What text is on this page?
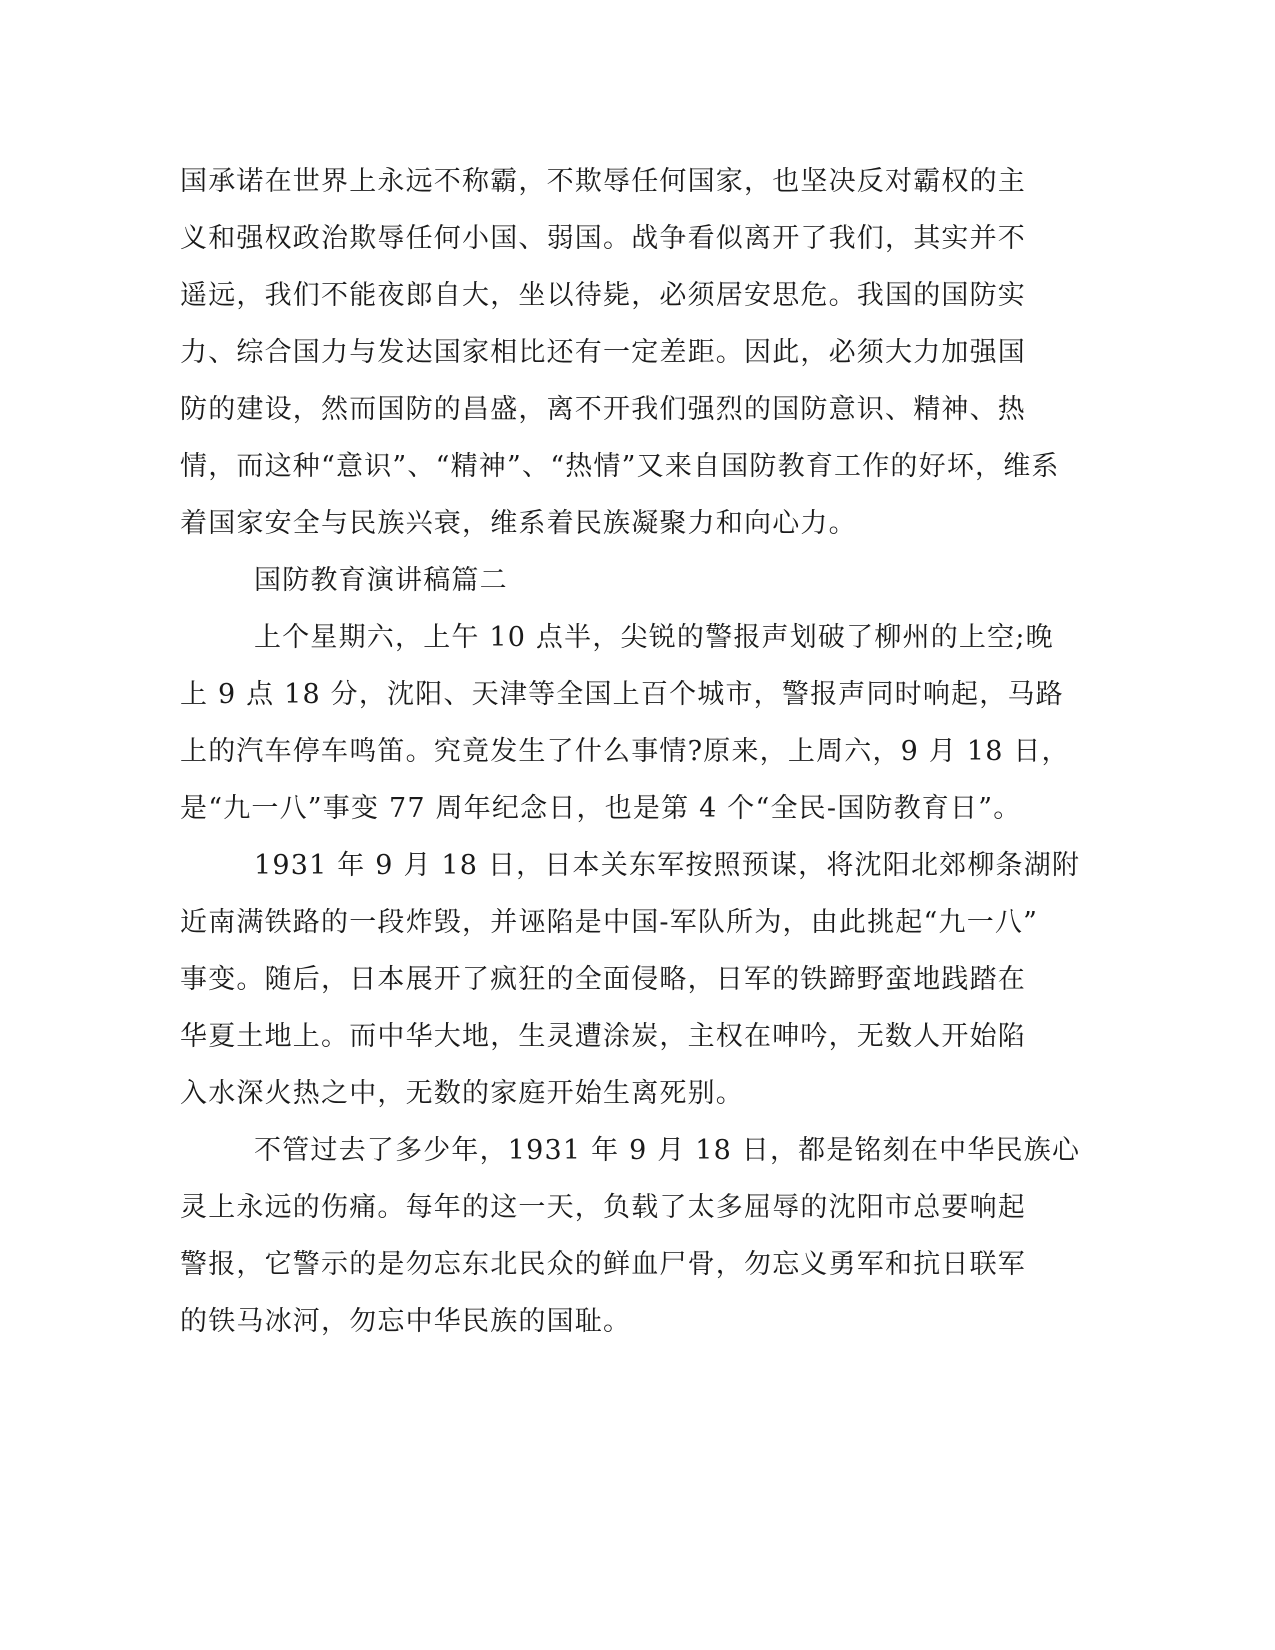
国承诺在世界上永远不称霸，不欺辱任何国家，也坚决反对霸权的主
义和强权政治欺辱任何小国、弱国。战争看似离开了我们，其实并不
遥远，我们不能夜郎自大，坐以待毙，必须居安思危。我国的国防实
力、综合国力与发达国家相比还有一定差距。因此，必须大力加强国
防的建设，然而国防的昌盛，离不开我们强烈的国防意识、精神、热
情，而这种“意识”、“精神”、“热情”又来自国防教育工作的好坏，维系
着国家安全与民族兴衰，维系着民族凝聚力和向心力。
国防教育演讲稿篇二
上个星期六，上午 10 点半，尖锐的警报声划破了柳州的上空;晚
上 9 点 18 分，沈阳、天津等全国上百个城市，警报声同时响起，马路
上的汽车停车鸣笛。究竟发生了什么事情?原来，上周六，9 月 18 日，
是“九一八”事变 77 周年纪念日，也是第 4 个“全民-国防教育日”。
1931 年 9 月 18 日，日本关东军按照预谋，将沈阳北郊柳条湖附
近南满铁路的一段炸毁，并诬陷是中国-军队所为，由此挑起“九一八”
事变。随后，日本展开了疯狂的全面侵略，日军的铁蹄野蛮地践踏在
华夏土地上。而中华大地，生灵遭涂炭，主权在呻吟，无数人开始陷
入水深火热之中，无数的家庭开始生离死别。
不管过去了多少年，1931 年 9 月 18 日，都是铭刻在中华民族心
灵上永远的伤痛。每年的这一天，负载了太多屈辱的沈阳市总要响起
警报，它警示的是勿忘东北民众的鲜血尸骨，勿忘义勇军和抗日联军
的铁马冰河，勿忘中华民族的国耻。
